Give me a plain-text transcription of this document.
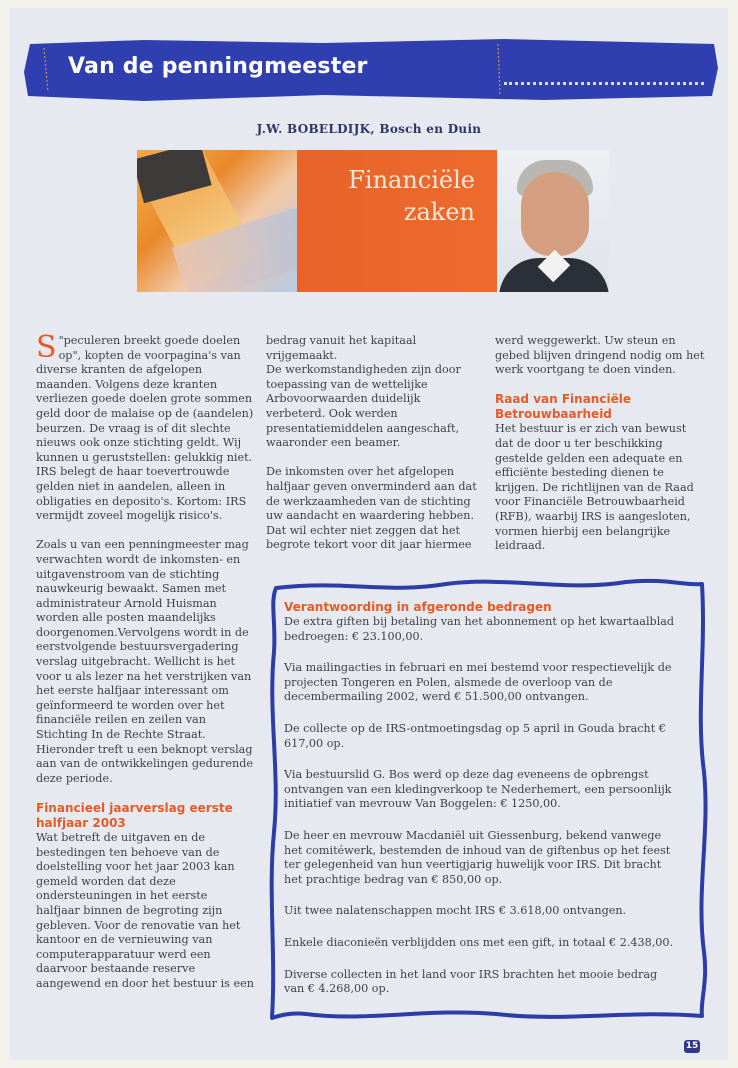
Van de penningmeester
J.W. BOBELDIJK, Bosch en Duin
Financiële
zaken

"
S peculeren breekt goede doelen op", kopten de voorpagina's van diverse kranten de afgelopen maanden. Volgens deze kranten verliezen goede doelen grote sommen geld door de malaise op de (aandelen) beurzen. De vraag is of dit slechte nieuws ook onze stichting geldt. Wij kunnen u geruststellen: gelukkig niet. IRS belegt de haar toevertrouwde gelden niet in aandelen, alleen in obligaties en deposito's. Kortom: IRS vermijdt zoveel mogelijk risico's.

Zoals u van een penningmeester mag verwachten wordt de inkomsten- en uitgavenstroom van de stichting nauwkeurig bewaakt. Samen met administrateur Arnold Huisman worden alle posten maandelijks doorgenomen.Vervolgens wordt in de eerstvolgende bestuursvergadering verslag uitgebracht. Wellicht is het voor u als lezer na het verstrijken van het eerste halfjaar interessant om geïnformeerd te worden over het financiële reilen en zeilen van Stichting In de Rechte Straat. Hieronder treft u een beknopt verslag aan van de ontwikkelingen gedurende deze periode.

Financieel jaarverslag eerste halfjaar 2003

Wat betreft de uitgaven en de bestedingen ten behoeve van de doelstelling voor het jaar 2003 kan gemeld worden dat deze ondersteuningen in het eerste halfjaar binnen de begroting zijn gebleven. Voor de renovatie van het kantoor en de vernieuwing van computerapparatuur werd een daarvoor bestaande reserve aangewend en door het bestuur is een

bedrag vanuit het kapitaal vrijgemaakt.

De werkomstandigheden zijn door toepassing van de wettelijke Arbovoorwaarden duidelijk verbeterd. Ook werden presentatiemiddelen aangeschaft, waaronder een beamer.

De inkomsten over het afgelopen halfjaar geven onverminderd aan dat de werkzaamheden van de stichting uw aandacht en waardering hebben. Dat wil echter niet zeggen dat het begrote tekort voor dit jaar hiermee

werd weggewerkt. Uw steun en gebed blijven dringend nodig om het werk voortgang te doen vinden.

Raad van Financiële Betrouwbaarheid

Het bestuur is er zich van bewust dat de door u ter beschikking gestelde gelden een adequate en efficiënte besteding dienen te krijgen. De richtlijnen van de Raad voor Financiële Betrouwbaarheid (RFB), waarbij IRS is aangesloten, vormen hierbij een belangrijke leidraad.

Verantwoording in afgeronde bedragen

De extra giften bij betaling van het abonnement op het kwartaalblad bedroegen: € 23.100,00.

Via mailingacties in februari en mei bestemd voor respectievelijk de projecten Tongeren en Polen, alsmede de overloop van de decembermailing 2002, werd € 51.500,00 ontvangen.

De collecte op de IRS-ontmoetingsdag op 5 april in Gouda bracht € 617,00 op.

Via bestuurslid G. Bos werd op deze dag eveneens de opbrengst ontvangen van een kledingverkoop te Nederhemert, een persoonlijk initiatief van mevrouw Van Boggelen: € 1250,00.

De heer en mevrouw Macdaniël uit Giessenburg, bekend vanwege het comitéwerk, bestemden de inhoud van de giftenbus op het feest ter gelegenheid van hun veertigjarig huwelijk voor IRS. Dit bracht het prachtige bedrag van € 850,00 op.

Uit twee nalatenschappen mocht IRS € 3.618,00 ontvangen.

Enkele diaconieën verblijdden ons met een gift, in totaal € 2.438,00.

Diverse collecten in het land voor IRS brachten het mooie bedrag van € 4.268,00 op.

15
